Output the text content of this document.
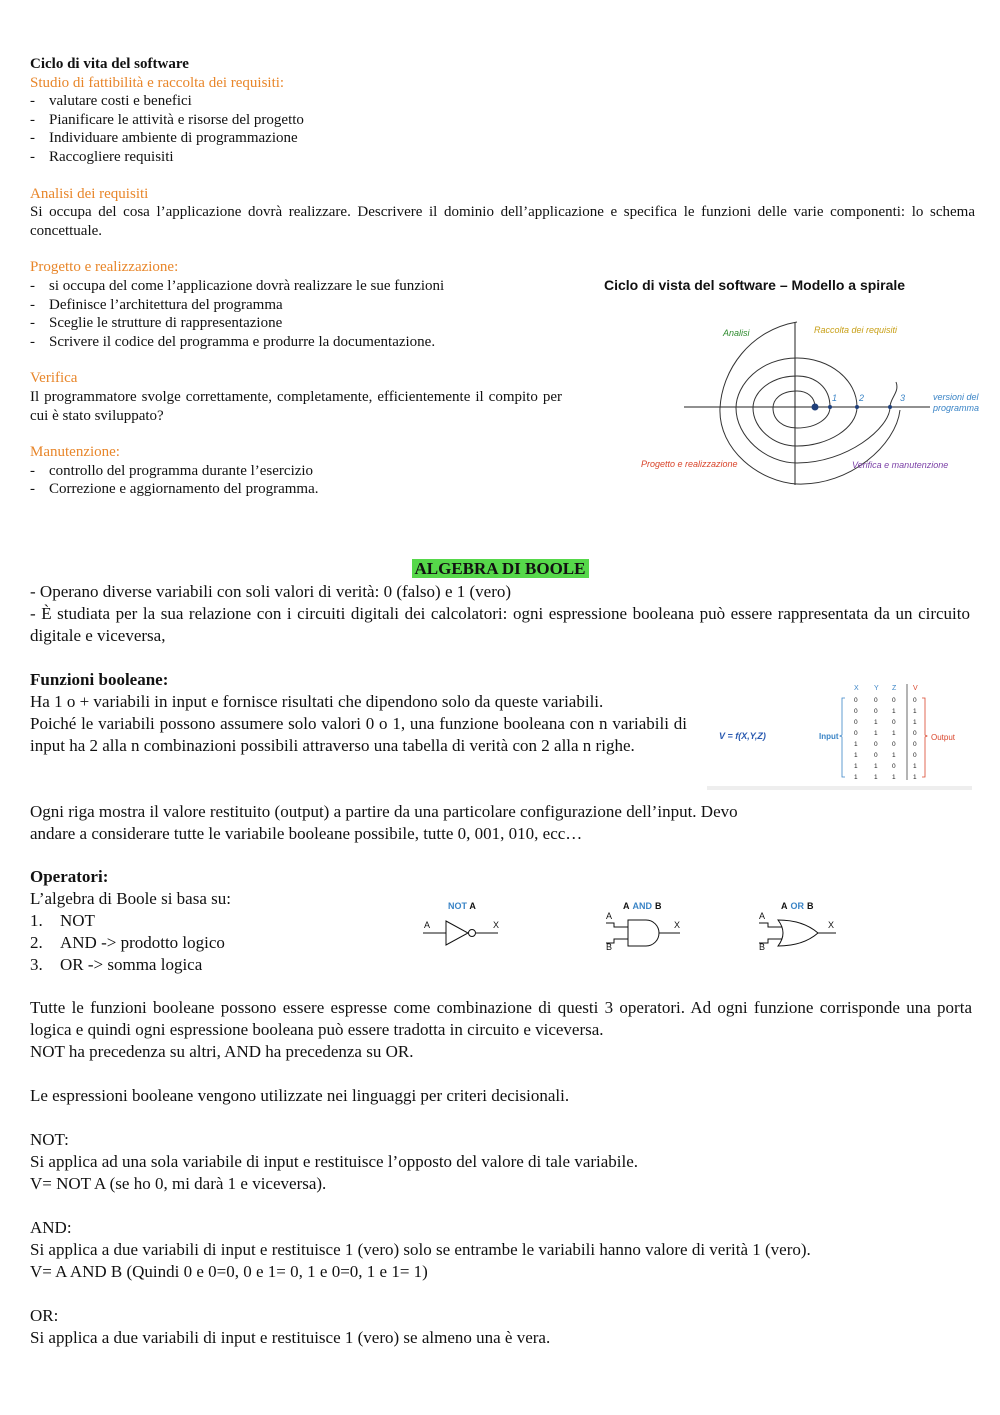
Ciclo di vita del software
Studio di fattibilità e raccolta dei requisiti:
- valutare costi e benefici
- Pianificare le attività e risorse del progetto
- Individuare ambiente di programmazione
- Raccogliere requisiti
Analisi dei requisiti
Si occupa del cosa l’applicazione dovrà realizzare. Descrivere il dominio dell’applicazione e specifica le funzioni delle varie componenti: lo schema concettuale.
Progetto e realizzazione:
- si occupa del come l’applicazione dovrà realizzare le sue funzioni
- Definisce l’architettura del programma
- Sceglie le strutture di rappresentazione
- Scrivere il codice del programma e produrre la documentazione.
Verifica
Il programmatore svolge correttamente, completamente, efficientemente il compito per cui è stato sviluppato?
Manutenzione:
- controllo del programma durante l’esercizio
- Correzione e aggiornamento del programma.
Ciclo di vista del software – Modello a spirale
1 2	3
Analisi	Raccolta dei requisiti
versioni del
programma
Progetto e realizzazione	Verifica e manutenzione
ALGEBRA DI BOOLE
- Operano diverse variabili con soli valori di verità: 0 (falso) e 1 (vero)
- È studiata per la sua relazione con i circuiti digitali dei calcolatori: ogni espressione booleana può essere rappresentata da un circuito digitale e viceversa,
Funzioni booleane:
Ha 1 o + variabili in input e fornisce risultati che dipendono solo da queste variabili.
Poiché le variabili possono assumere solo valori 0 o 1, una funzione booleana con n variabili di input ha 2 alla n combinazioni possibili attraverso una tabella di verità con 2 alla n righe.
Ogni riga mostra il valore restituito (output) a partire da una particolare configurazione dell’input. Devo andare a considerare tutte le variabile booleane possibile, tutte 0, 001, 010, ecc…
V = f(X,Y,Z)	Input	Output
X Y Z V
0	0 0	0
0	0 1	1
0	1 0	1
0	1 1	0
1	0 0	0
1	0 1	0
1	1 0	1
1	1 1	1
Operatori:
L’algebra di Boole si basa su:
1. NOT
2. AND -> prodotto logico
3. OR -> somma logica
NOT A
A	X
A AND B
A
B
X
A OR B
A
B
X
Tutte le funzioni booleane possono essere espresse come combinazione di questi 3 operatori. Ad ogni funzione corrisponde una porta logica e quindi ogni espressione booleana può essere tradotta in circuito e viceversa.
NOT ha precedenza su altri, AND ha precedenza su OR.
Le espressioni booleane vengono utilizzate nei linguaggi per criteri decisionali.
NOT:
Si applica ad una sola variabile di input e restituisce l’opposto del valore di tale variabile.
V= NOT A (se ho 0, mi darà 1 e viceversa).
AND:
Si applica a due variabili di input e restituisce 1 (vero) solo se entrambe le variabili hanno valore di verità 1 (vero).
V= A AND B (Quindi 0 e 0=0, 0 e 1= 0, 1 e 0=0, 1 e 1= 1)
OR:
Si applica a due variabili di input e restituisce 1 (vero) se almeno una è vera.
